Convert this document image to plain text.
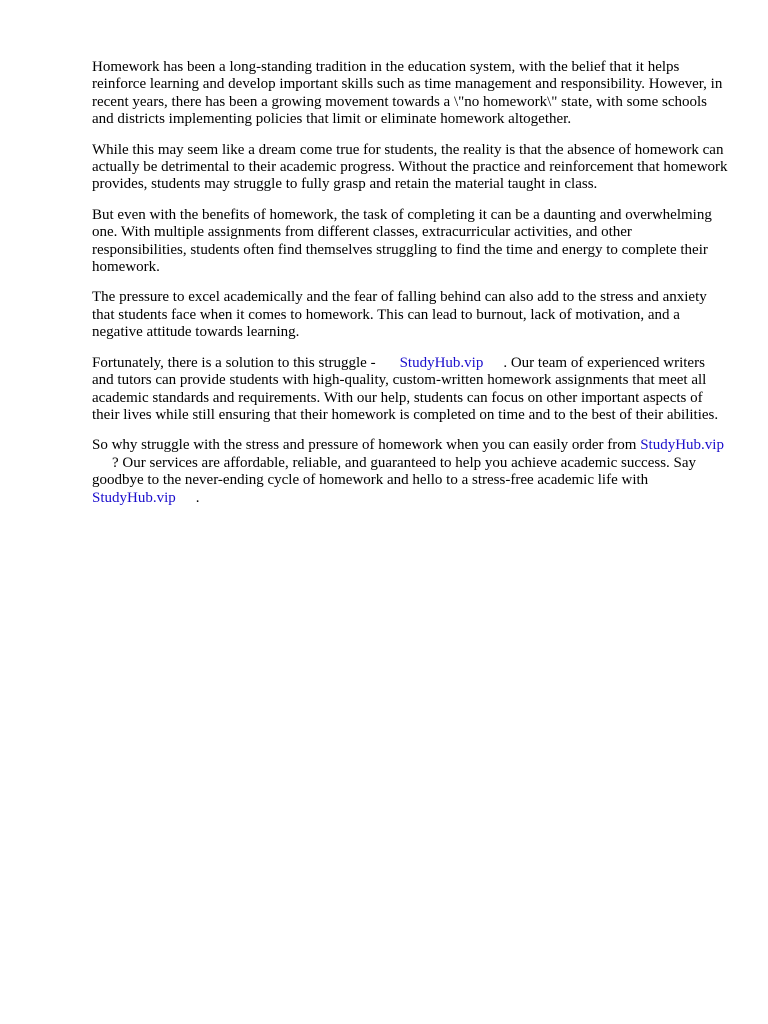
Homework has been a long-standing tradition in the education system, with the belief that it helps reinforce learning and develop important skills such as time management and responsibility. However, in recent years, there has been a growing movement towards a \"no homework\" state, with some schools and districts implementing policies that limit or eliminate homework altogether.

While this may seem like a dream come true for students, the reality is that the absence of homework can actually be detrimental to their academic progress. Without the practice and reinforcement that homework provides, students may struggle to fully grasp and retain the material taught in class.

But even with the benefits of homework, the task of completing it can be a daunting and overwhelming one. With multiple assignments from different classes, extracurricular activities, and other responsibilities, students often find themselves struggling to find the time and energy to complete their homework.

The pressure to excel academically and the fear of falling behind can also add to the stress and anxiety that students face when it comes to homework. This can lead to burnout, lack of motivation, and a negative attitude towards learning.

Fortunately, there is a solution to this struggle - StudyHub.vip . Our team of experienced writers and tutors can provide students with high-quality, custom-written homework assignments that meet all academic standards and requirements. With our help, students can focus on other important aspects of their lives while still ensuring that their homework is completed on time and to the best of their abilities.

So why struggle with the stress and pressure of homework when you can easily order from StudyHub.vip? Our services are affordable, reliable, and guaranteed to help you achieve academic success. Say goodbye to the never-ending cycle of homework and hello to a stress-free academic life withStudyHub.vip .
